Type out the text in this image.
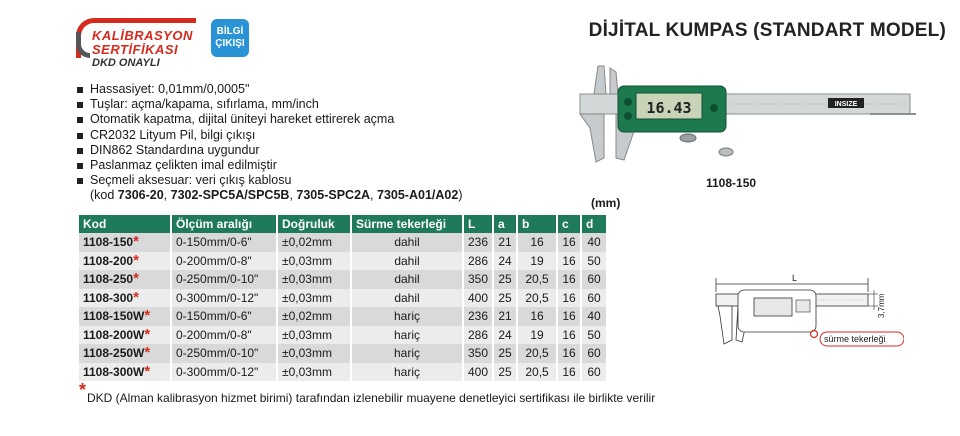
KALİBRASYON
SERTİFİKASI
DKD ONAYLI
BİLGİ
ÇIKIŞI
DİJİTAL KUMPAS (STANDART MODEL)
Hassasiyet: 0,01mm/0,0005"
Tuşlar: açma/kapama, sıfırlama, mm/inch
Otomatik kapatma, dijital üniteyi hareket ettirerek açma
CR2032 Lityum Pil, bilgi çıkışı
DIN862 Standardına uygundur
Paslanmaz çelikten imal edilmiştir
Seçmeli aksesuar: veri çıkış kablosu
(kod 7306-20, 7302-SPC5A/SPC5B, 7305-SPC2A, 7305-A01/A02)
INSIZE
16.43
1108-150
(mm)
Kod	Ölçüm aralığı	Doğruluk	Sürme tekerleği	L	a	b	c	d
1108-150*	0-150mm/0-6"	±0,02mm	dahil	236	21	16	16	40
1108-200*	0-200mm/0-8"	±0,03mm	dahil	286	24	19	16	50
1108-250*	0-250mm/0-10"	±0,03mm	dahil	350	25	20,5	16	60
1108-300*	0-300mm/0-12"	±0,03mm	dahil	400	25	20,5	16	60
1108-150W*	0-150mm/0-6"	±0,02mm	hariç	236	21	16	16	40
1108-200W*	0-200mm/0-8"	±0,03mm	hariç	286	24	19	16	50
1108-250W*	0-250mm/0-10"	±0,03mm	hariç	350	25	20,5	16	60
1108-300W*	0-300mm/0-12"	±0,03mm	hariç	400	25	20,5	16	60
L
3,7mm
sürme tekerleği
*DKD (Alman kalibrasyon hizmet birimi) tarafından izlenebilir muayene denetleyici sertifikası ile birlikte verilir
